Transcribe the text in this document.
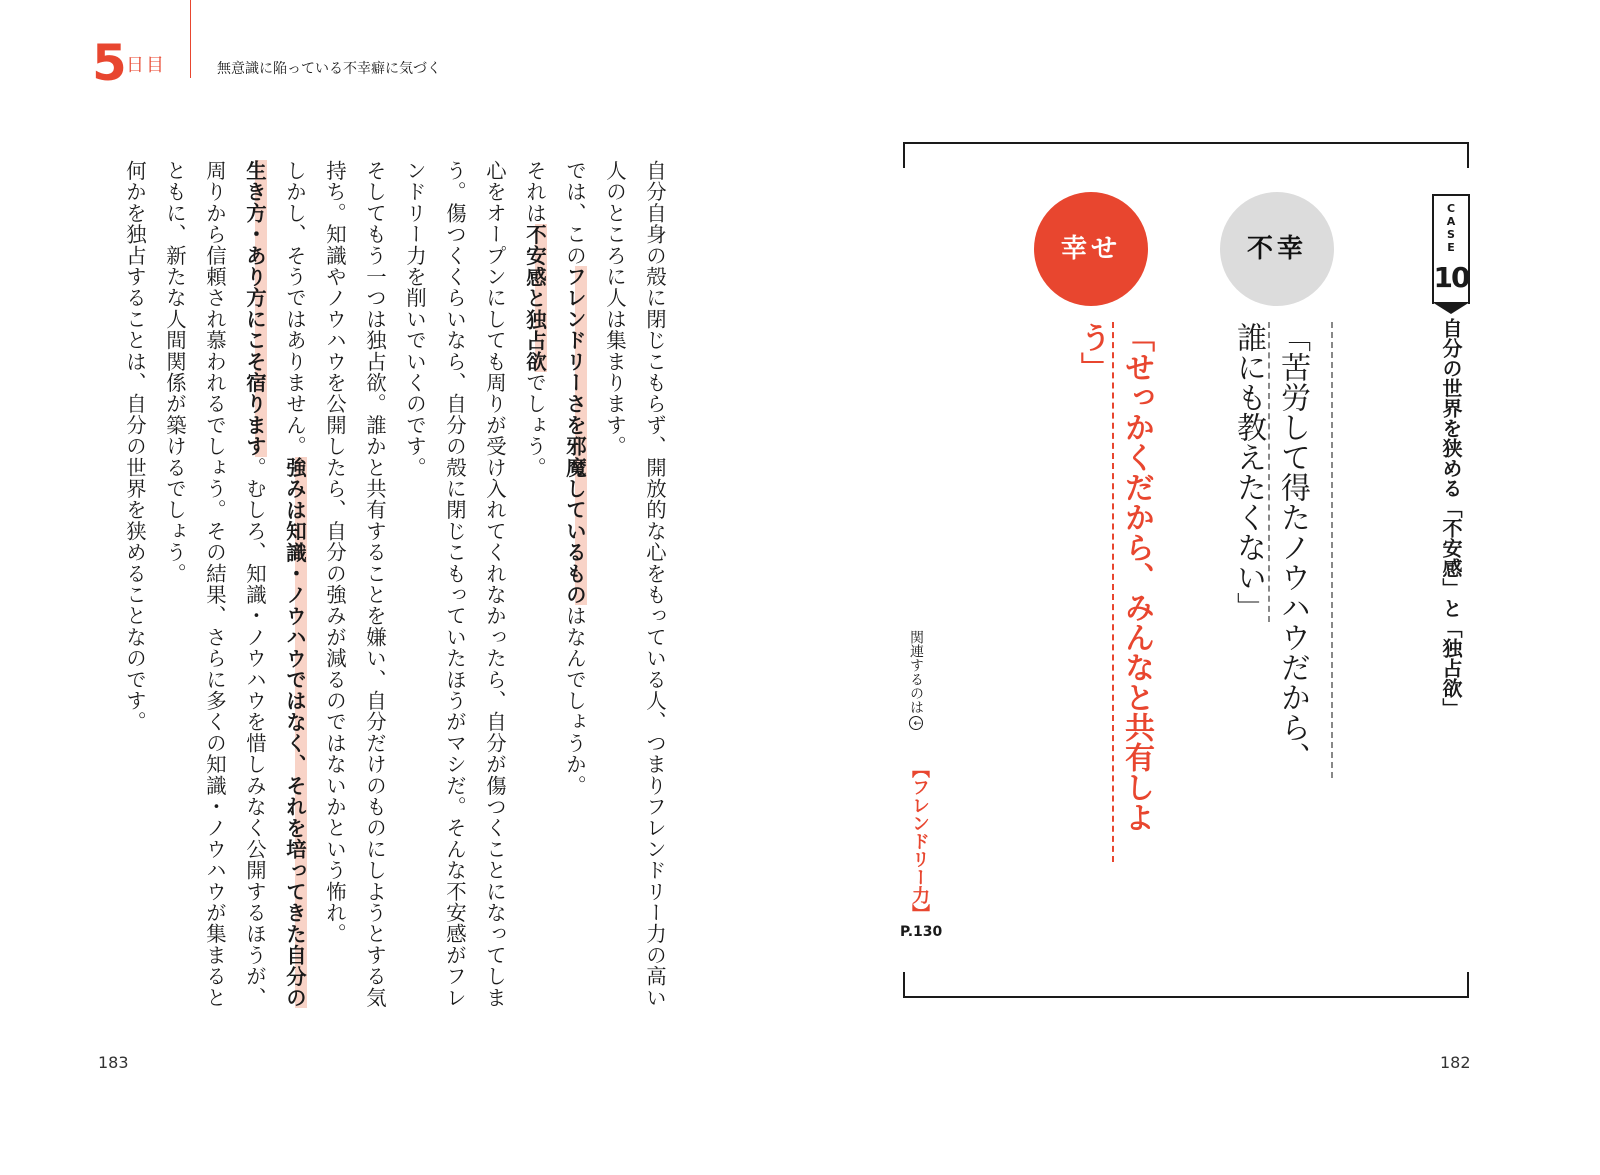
5 日目	無意識に陥っている不幸癖に気づく

自分自身の殻に閉じこもらず、開放的な心をもっている人、つまりフレンドリー力の高い人のところに人は集まります。

では、このフレンドリーさを邪魔しているものはなんでしょうか。

それは不安感と独占欲でしょう。

心をオープンにしても周りが受け入れてくれなかったら、自分が傷つくことになってしまう。傷つくくらいなら、自分の殻に閉じこもっていたほうがマシだ。そんな不安感がフレンドリー力を削いでいくのです。

そしてもう一つは独占欲。誰かと共有することを嫌い、自分だけのものにしようとする気持ち。知識やノウハウを公開したら、自分の強みが減るのではないかという怖れ。

しかし、そうではありません。強みは知識・ノウハウではなく、それを培ってきた自分の生き方・あり方にこそ宿ります。むしろ、知識・ノウハウを惜しみなく公開するほうが、周りから信頼され慕われるでしょう。その結果、さらに多くの知識・ノウハウが集まるとともに、新たな人間関係が築けるでしょう。

何かを独占することは、自分の世界を狭めることなのです。

183
C
A
S
E
10
自分の世界を狭める「不安感」と「独占欲」
不幸
幸せ
「苦労して得たノウハウだから、
誰にも教えたくない」
「せっかくだから、みんなと共有しよう」
関連するのは↓
【フレンドリー力】
P.130
182
